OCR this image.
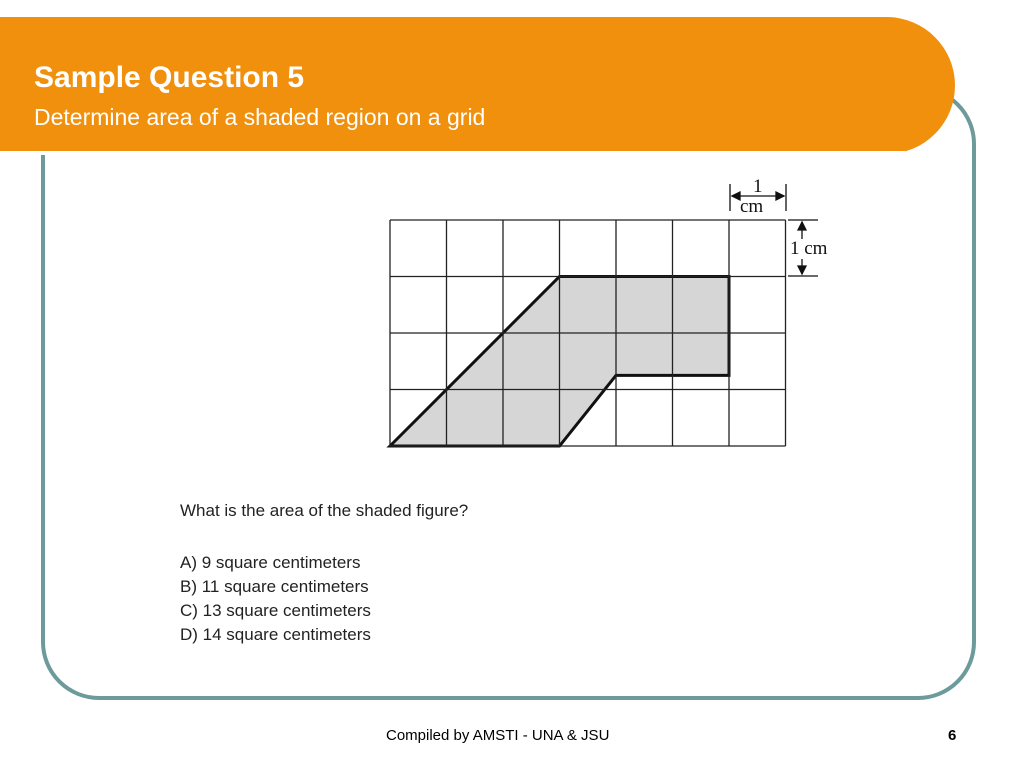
Sample Question 5

Determine area of a shaded region on a grid

1
cm
1 cm
What is the area of the shaded figure?
A) 9 square centimeters
B) 11 square centimeters
C) 13 square centimeters
D) 14 square centimeters
Compiled by AMSTI - UNA & JSU	6
